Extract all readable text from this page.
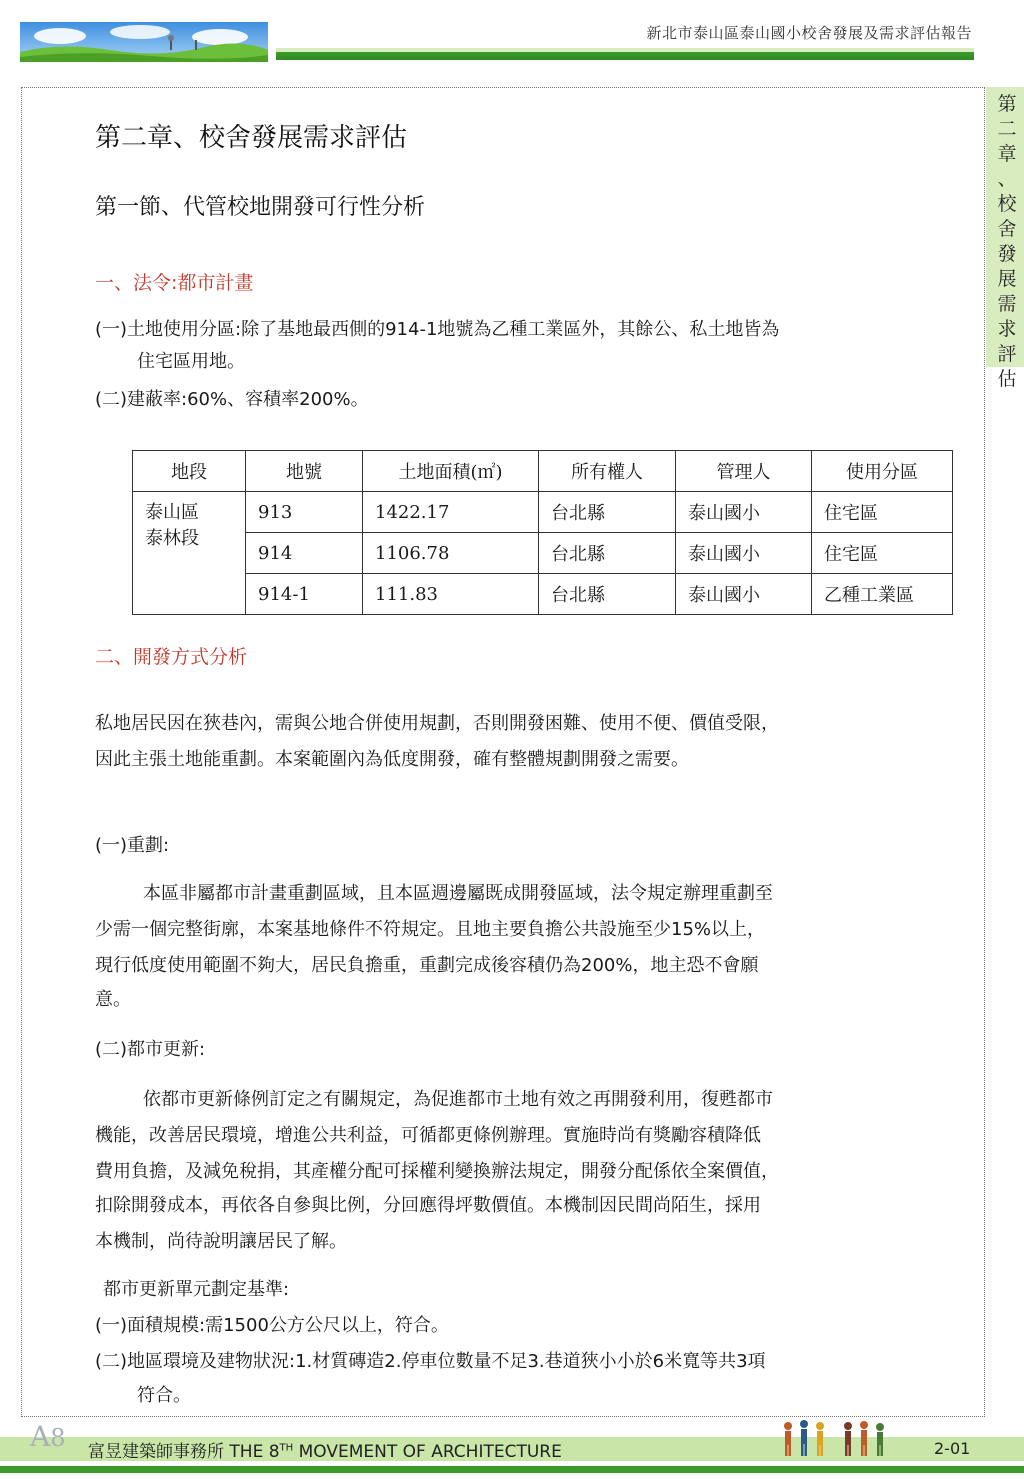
新北市泰山區泰山國小校舍發展及需求評估報告
第
二
章
、
校
舍
發
展
需
求
評
估
第二章、校舍發展需求評估
第一節、代管校地開發可行性分析
一、法令:都市計畫
(一)土地使用分區:除了基地最西側的914-1地號為乙種工業區外，其餘公、私土地皆為
住宅區用地。
(二)建蔽率:60%、容積率200%。
地段	地號	土地面積(㎡)	所有權人	管理人	使用分區
泰山區
泰林段	913	1422.17	台北縣	泰山國小	住宅區
	914	1106.78	台北縣	泰山國小	住宅區
	914-1	111.83	台北縣	泰山國小	乙種工業區
二、開發方式分析
私地居民因在狹巷內，需與公地合併使用規劃，否則開發困難、使用不便、價值受限，
因此主張土地能重劃。本案範圍內為低度開發，確有整體規劃開發之需要。
(一)重劃:
本區非屬都市計畫重劃區域，且本區週邊屬既成開發區域，法令規定辦理重劃至
少需一個完整街廓，本案基地條件不符規定。且地主要負擔公共設施至少15%以上，
現行低度使用範圍不夠大，居民負擔重，重劃完成後容積仍為200%，地主恐不會願
意。
(二)都市更新:
依都市更新條例訂定之有關規定，為促進都市土地有效之再開發利用，復甦都市
機能，改善居民環境，增進公共利益，可循都更條例辦理。實施時尚有獎勵容積降低
費用負擔，及減免稅捐，其產權分配可採權利變換辦法規定，開發分配係依全案價值，
扣除開發成本，再依各自參與比例，分回應得坪數價值。本機制因民間尚陌生，採用
本機制，尚待說明讓居民了解。
都市更新單元劃定基準:
(一)面積規模:需1500公方公尺以上，符合。
(二)地區環境及建物狀況:1.材質磚造2.停車位數量不足3.巷道狹小小於6米寬等共3項
符合。
A8 富昱建築師事務所 THE 8TH MOVEMENT OF ARCHITECTURE	2-01
